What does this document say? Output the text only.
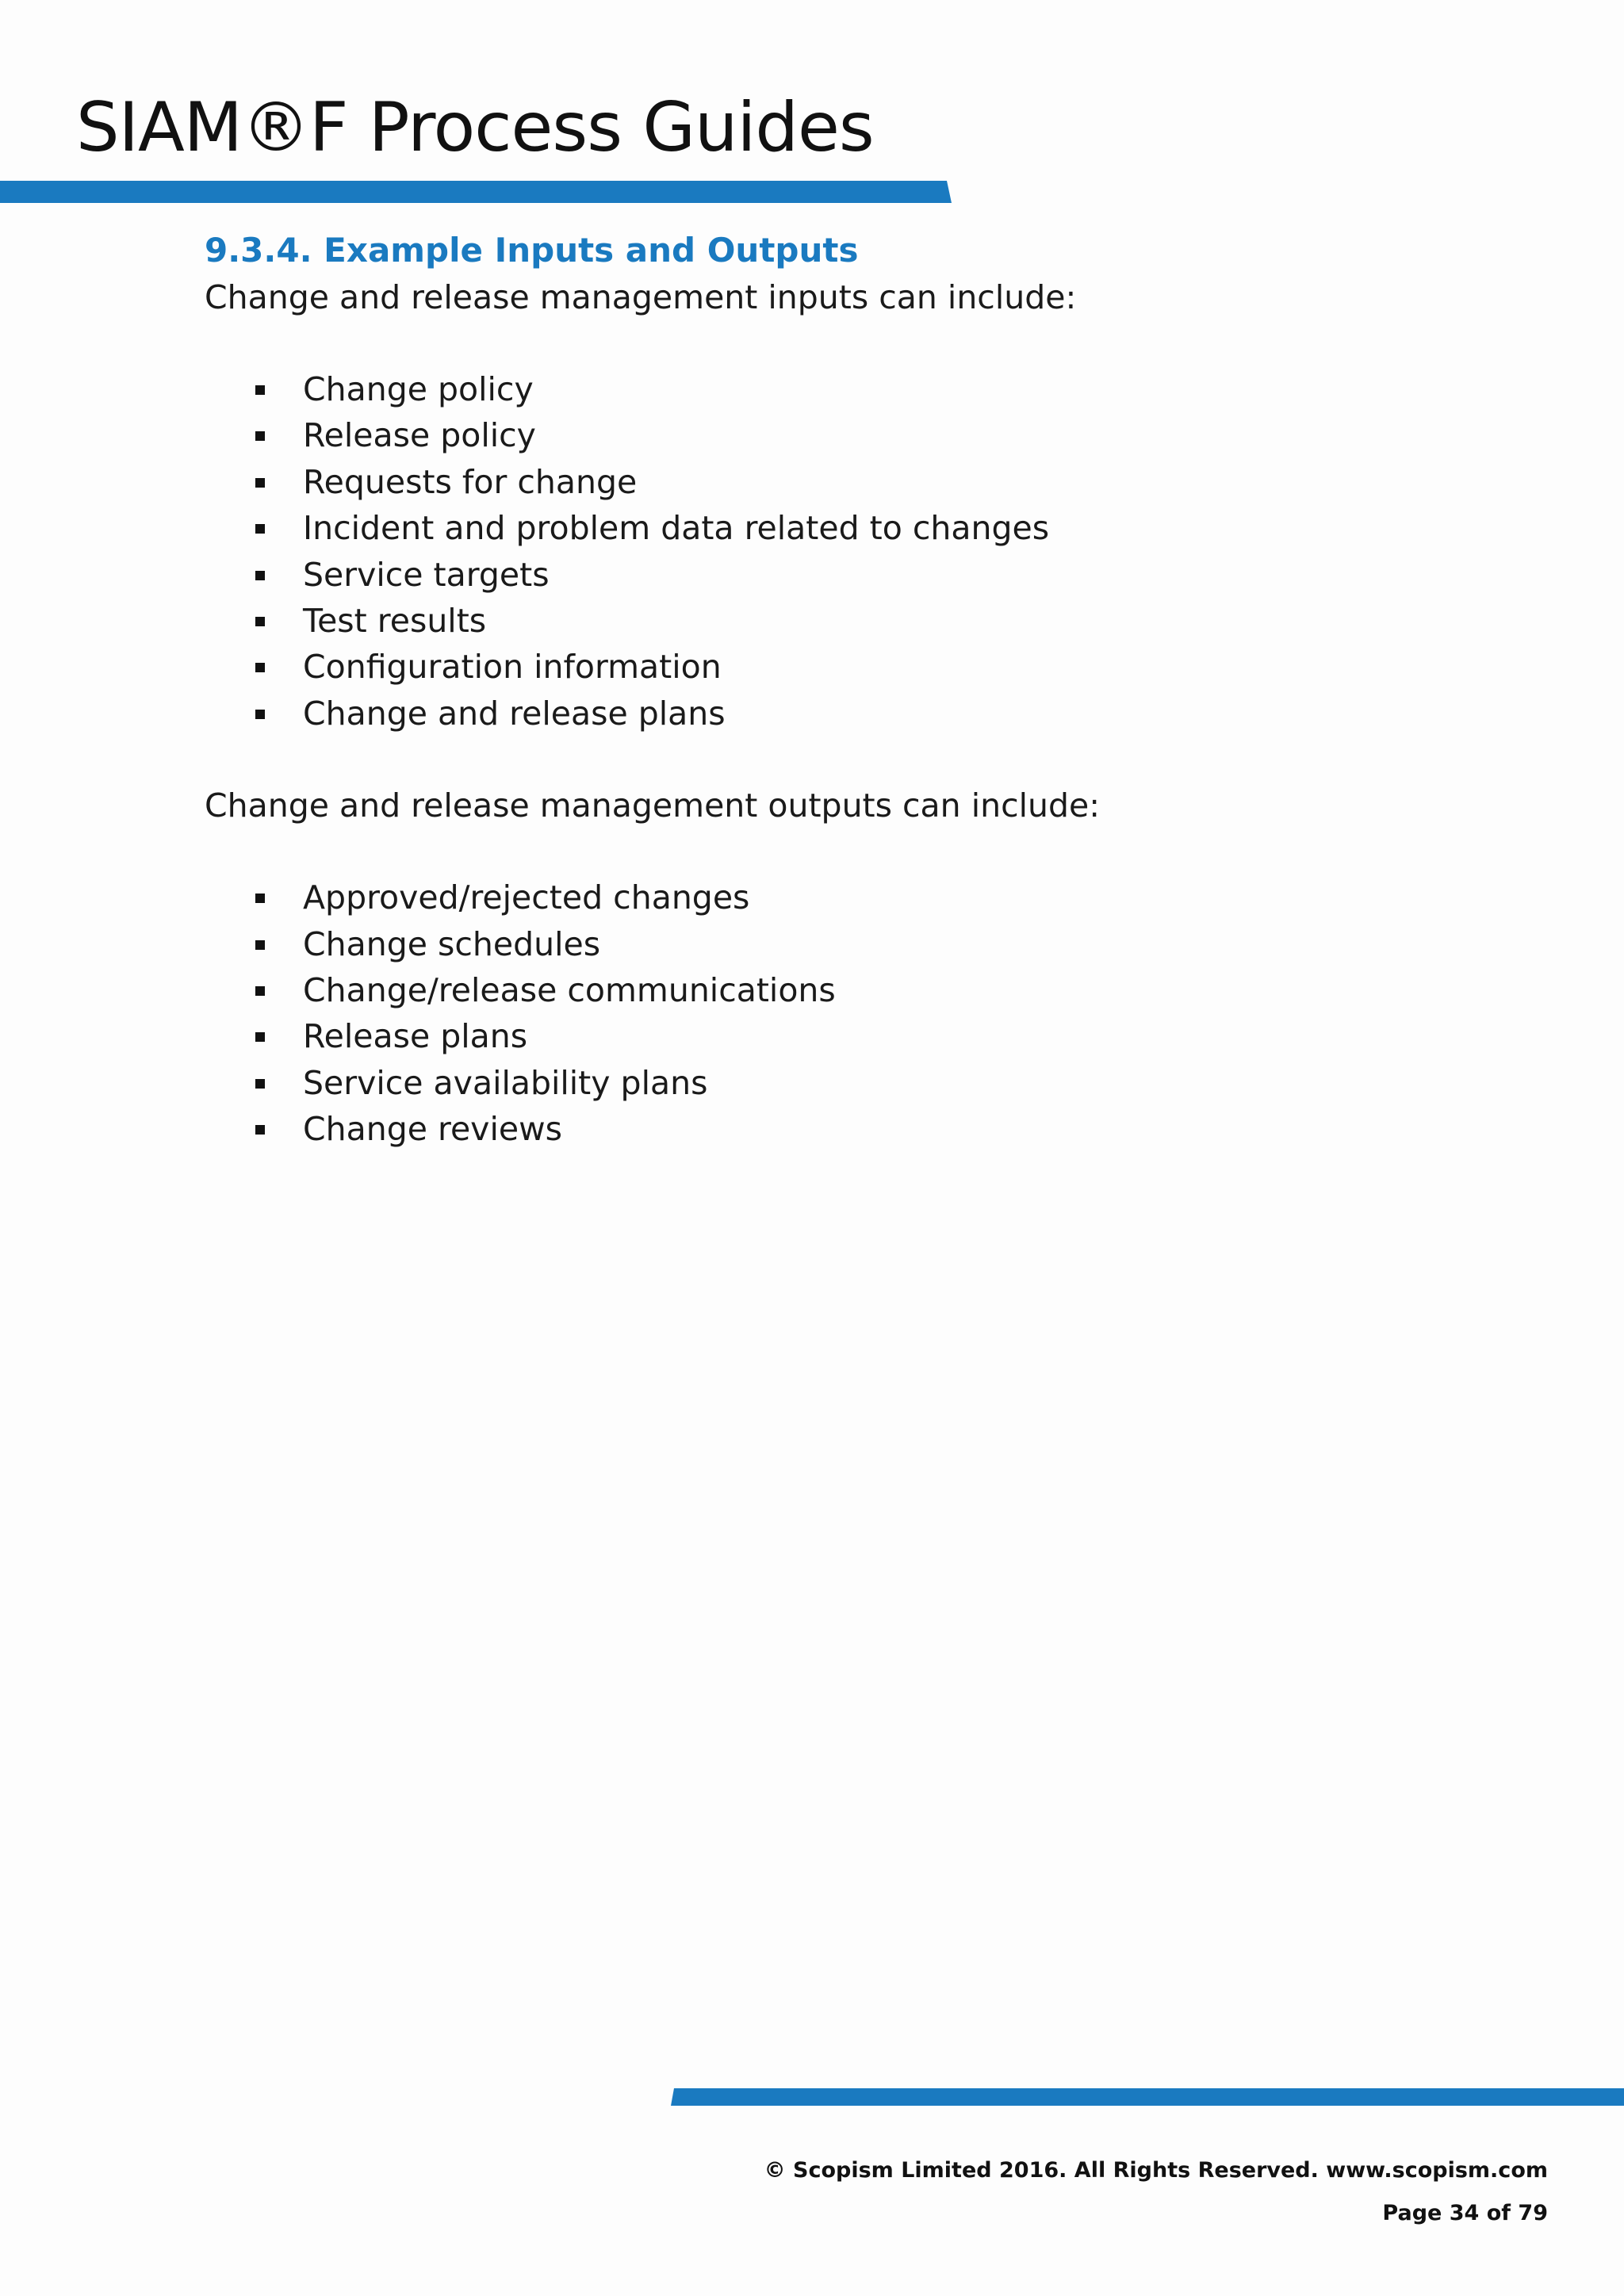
SIAM®F Process Guides
9.3.4. Example Inputs and Outputs

Change and release management inputs can include:

Change policy
Release policy
Requests for change
Incident and problem data related to changes
Service targets
Test results
Configuration information
Change and release plans

Change and release management outputs can include:

Approved/rejected changes
Change schedules
Change/release communications
Release plans
Service availability plans
Change reviews
© Scopism Limited 2016. All Rights Reserved. www.scopism.com
Page 34 of 79
